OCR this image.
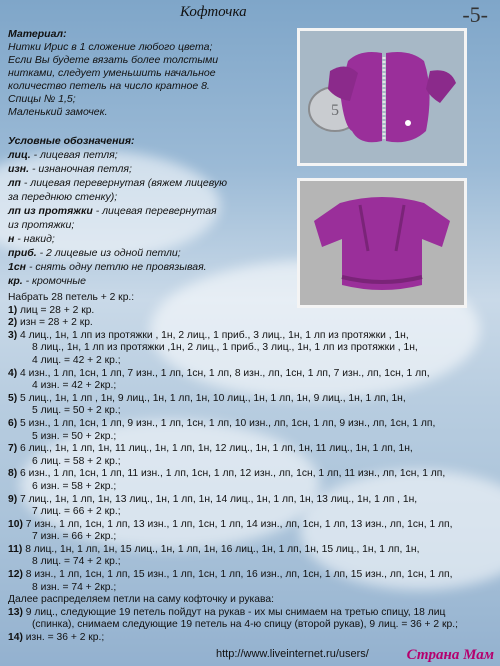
Кофточка	-5-
Материал:
Нитки Ирис в 1 сложение любого цвета;
Если Вы будете вязать более толстыми
нитками, следует уменьшить начальное
количество петель на число кратное 8.
Спицы № 1,5;
Маленький замочек.
Условные обозначения:
лиц. - лицевая петля;
изн. - изнаночная петля;
лп - лицевая перевернутая (вяжем лицевую
за переднюю стенку);
лп из протяжки - лицевая перевернутая
из протяжки;
н - накид;
приб. - 2 лицевые из одной петли;
1сн - снять одну петлю не провязывая.
кр. - кромочные
5
Набрать 28 петель + 2 кр.:
1) лиц = 28 + 2 кр.
2) изн = 28 + 2 кр.
3) 4 лиц., 1н, 1 лп из протяжки , 1н, 2 лиц., 1 приб., 3 лиц., 1н, 1 лп из протяжки , 1н,
8 лиц., 1н, 1 лп из протяжки ,1н, 2 лиц., 1 приб., 3 лиц., 1н, 1 лп из протяжки , 1н,
4 лиц. = 42 + 2 кр.;
4) 4 изн., 1 лп, 1сн, 1 лп, 7 изн., 1 лп, 1сн, 1 лп, 8 изн., лп, 1сн, 1 лп, 7 изн., лп, 1сн, 1 лп,
4 изн. = 42 + 2кр.;
5) 5 лиц., 1н, 1 лп , 1н, 9 лиц., 1н, 1 лп, 1н, 10 лиц., 1н, 1 лп, 1н, 9 лиц., 1н, 1 лп, 1н,
5 лиц. = 50 + 2 кр.;
6) 5 изн., 1 лп, 1сн, 1 лп, 9 изн., 1 лп, 1сн, 1 лп, 10 изн., лп, 1сн, 1 лп, 9 изн., лп, 1сн, 1 лп,
5 изн. = 50 + 2кр.;
7) 6 лиц., 1н, 1 лп, 1н, 11 лиц., 1н, 1 лп, 1н, 12 лиц., 1н, 1 лп, 1н, 11 лиц., 1н, 1 лп, 1н,
6 лиц. = 58 + 2 кр.;
8) 6 изн., 1 лп, 1сн, 1 лп, 11 изн., 1 лп, 1сн, 1 лп, 12 изн., лп, 1сн, 1 лп, 11 изн., лп, 1сн, 1 лп,
6 изн. = 58 + 2кр.;
9) 7 лиц., 1н, 1 лп, 1н, 13 лиц., 1н, 1 лп, 1н, 14 лиц., 1н, 1 лп, 1н, 13 лиц., 1н, 1 лп , 1н,
7 лиц. = 66 + 2 кр.;
10) 7 изн., 1 лп, 1сн, 1 лп, 13 изн., 1 лп, 1сн, 1 лп, 14 изн., лп, 1сн, 1 лп, 13 изн., лп, 1сн, 1 лп,
7 изн. = 66 + 2кр.;
11) 8 лиц., 1н, 1 лп, 1н, 15 лиц., 1н, 1 лп, 1н, 16 лиц., 1н, 1 лп, 1н, 15 лиц., 1н, 1 лп, 1н,
8 лиц. = 74 + 2 кр.;
12) 8 изн., 1 лп, 1сн, 1 лп, 15 изн., 1 лп, 1сн, 1 лп, 16 изн., лп, 1сн, 1 лп, 15 изн., лп, 1сн, 1 лп,
8 изн. = 74 + 2кр.;
Далее распределяем петли на саму кофточку и рукава:
13) 9 лиц., следующие 19 петель пойдут на рукав - их мы снимаем на третью спицу, 18 лиц
(спинка), снимаем следующие 19 петель на 4-ю спицу (второй рукав), 9 лиц. = 36 + 2 кр.;
14) изн. = 36 + 2 кр.;
http://www.liveinternet.ru/users/	Страна Мам
